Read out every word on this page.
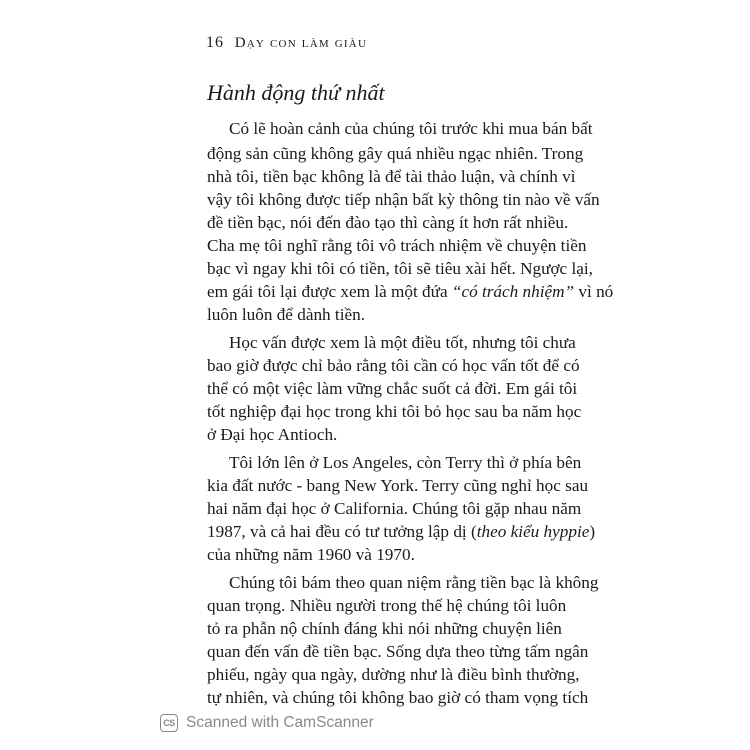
16 Dạy con làm giàu
Hành động thứ nhất
Có lẽ hoàn cảnh của chúng tôi trước khi mua bán bất
động sản cũng không gây quá nhiều ngạc nhiên. Trong
nhà tôi, tiền bạc không là để tài thảo luận, và chính vì
vậy tôi không được tiếp nhận bất kỳ thông tin nào về vấn
đề tiền bạc, nói đến đào tạo thì càng ít hơn rất nhiều.
Cha mẹ tôi nghĩ rằng tôi vô trách nhiệm về chuyện tiền
bạc vì ngay khi tôi có tiền, tôi sẽ tiêu xài hết. Ngược lại,
em gái tôi lại được xem là một đứa “có trách nhiệm” vì nó
luôn luôn để dành tiền.
Học vấn được xem là một điều tốt, nhưng tôi chưa
bao giờ được chỉ bảo rằng tôi cần có học vấn tốt để có
thể có một việc làm vững chắc suốt cả đời. Em gái tôi
tốt nghiệp đại học trong khi tôi bỏ học sau ba năm học
ở Đại học Antioch.
Tôi lớn lên ở Los Angeles, còn Terry thì ở phía bên
kia đất nước - bang New York. Terry cũng nghỉ học sau
hai năm đại học ở California. Chúng tôi gặp nhau năm
1987, và cả hai đều có tư tưởng lập dị (theo kiểu hyppie)
của những năm 1960 và 1970.
Chúng tôi bám theo quan niệm rằng tiền bạc là không
quan trọng. Nhiều người trong thế hệ chúng tôi luôn
tỏ ra phẫn nộ chính đáng khi nói những chuyện liên
quan đến vấn đề tiền bạc. Sống dựa theo từng tấm ngân
phiếu, ngày qua ngày, dường như là điều bình thường,
tự nhiên, và chúng tôi không bao giờ có tham vọng tích
CS Scanned with CamScanner
